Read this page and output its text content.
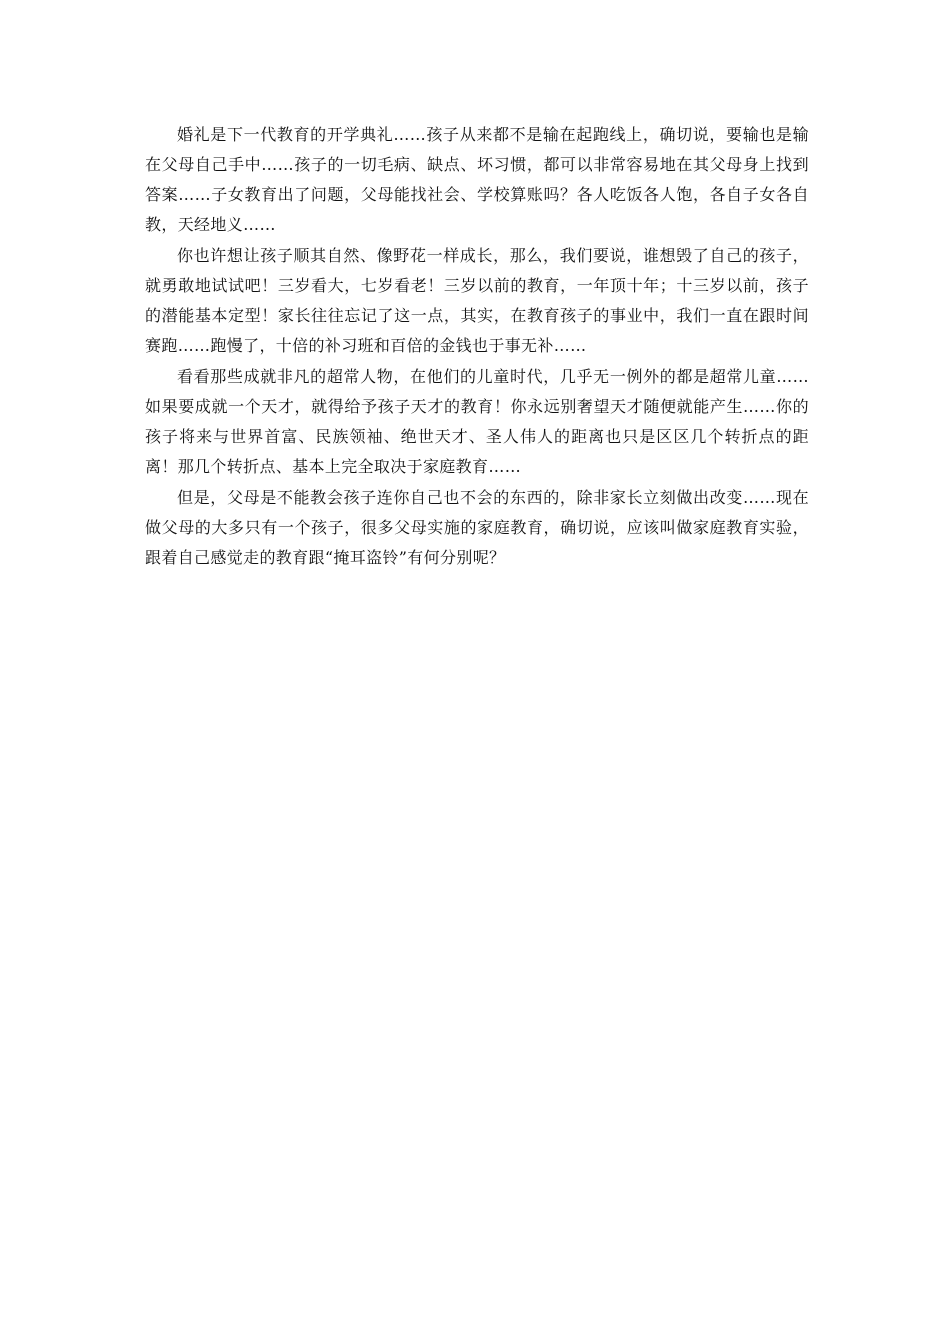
婚礼是下一代教育的开学典礼……孩子从来都不是输在起跑线上，确切说，要输也是输在父母自己手中……孩子的一切毛病、缺点、坏习惯，都可以非常容易地在其父母身上找到答案……子女教育出了问题，父母能找社会、学校算账吗？各人吃饭各人饱，各自子女各自教，天经地义……

你也许想让孩子顺其自然、像野花一样成长，那么，我们要说，谁想毁了自己的孩子，就勇敢地试试吧！三岁看大，七岁看老！三岁以前的教育，一年顶十年；十三岁以前，孩子的潜能基本定型！家长往往忘记了这一点，其实，在教育孩子的事业中，我们一直在跟时间赛跑……跑慢了，十倍的补习班和百倍的金钱也于事无补……

看看那些成就非凡的超常人物，在他们的儿童时代，几乎无一例外的都是超常儿童……如果要成就一个天才，就得给予孩子天才的教育！你永远别奢望天才随便就能产生……你的孩子将来与世界首富、民族领袖、绝世天才、圣人伟人的距离也只是区区几个转折点的距离！那几个转折点、基本上完全取决于家庭教育……

但是，父母是不能教会孩子连你自己也不会的东西的，除非家长立刻做出改变……现在做父母的大多只有一个孩子，很多父母实施的家庭教育，确切说，应该叫做家庭教育实验，跟着自己感觉走的教育跟“掩耳盗铃”有何分别呢？
